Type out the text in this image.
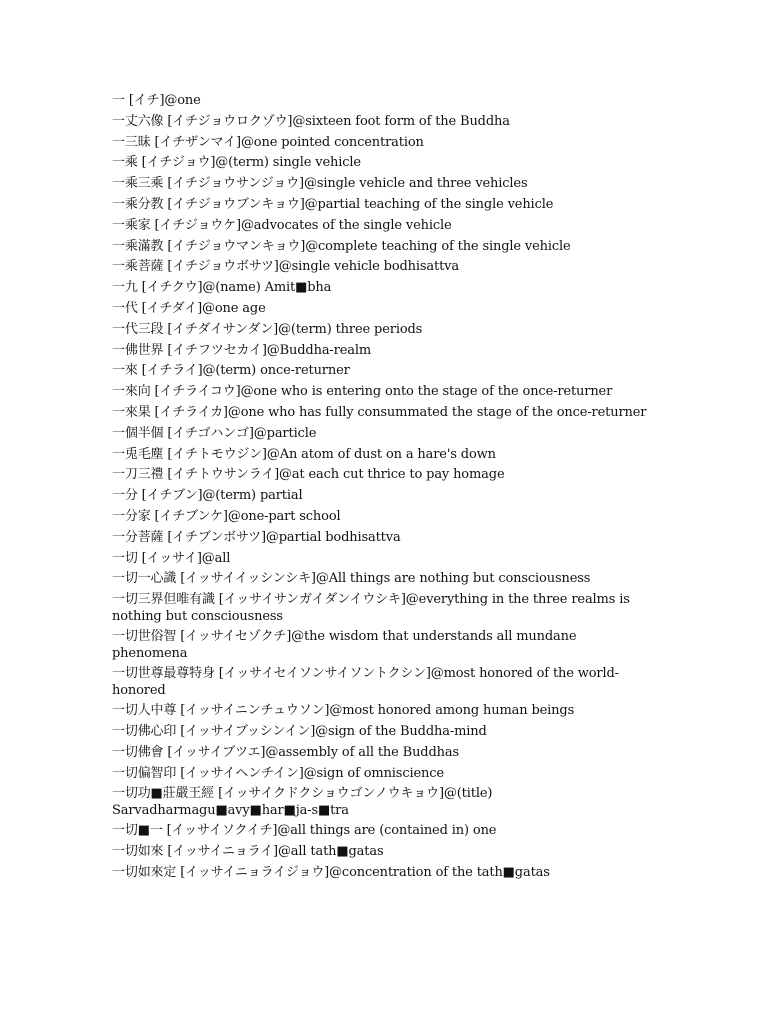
一 [イチ]@one
一丈六像 [イチジョウロクゾウ]@sixteen foot form of the Buddha
一三昧 [イチザンマイ]@one pointed concentration
一乘 [イチジョウ]@(term) single vehicle
一乘三乘 [イチジョウサンジョウ]@single vehicle and three vehicles
一乘分教 [イチジョウブンキョウ]@partial teaching of the single vehicle
一乘家 [イチジョウケ]@advocates of the single vehicle
一乘滿教 [イチジョウマンキョウ]@complete teaching of the single vehicle
一乘菩薩 [イチジョウボサツ]@single vehicle bodhisattva
一九 [イチクウ]@(name) Amit■bha
一代 [イチダイ]@one age
一代三段 [イチダイサンダン]@(term) three periods
一佛世界 [イチフツセカイ]@Buddha-realm
一來 [イチライ]@(term) once-returner
一來向 [イチライコウ]@one who is entering onto the stage of the once-returner
一來果 [イチライカ]@one who has fully consummated the stage of the once-returner
一個半個 [イチゴハンゴ]@particle
一兎毛塵 [イチトモウジン]@An atom of dust on a hare's down
一刀三禮 [イチトウサンライ]@at each cut thrice to pay homage
一分 [イチブン]@(term) partial
一分家 [イチブンケ]@one-part school
一分菩薩 [イチブンボサツ]@partial bodhisattva
一切 [イッサイ]@all
一切一心識 [イッサイイッシンシキ]@All things are nothing but consciousness
一切三界但唯有識 [イッサイサンガイダンイウシキ]@everything in the three realms is nothing but consciousness
一切世俗智 [イッサイセゾクチ]@the wisdom that understands all mundane phenomena
一切世尊最尊特身 [イッサイセイソンサイソントクシン]@most honored of the world-honored
一切人中尊 [イッサイニンチュウソン]@most honored among human beings
一切佛心印 [イッサイブッシンイン]@sign of the Buddha-mind
一切佛會 [イッサイブツエ]@assembly of all the Buddhas
一切偏智印 [イッサイヘンチイン]@sign of omniscience
一切功■莊嚴王經 [イッサイクドクショウゴンノウキョウ]@(title) Sarvadharmagu■avy■har■ja-s■tra
一切■一 [イッサイソクイチ]@all things are (contained in) one
一切如來 [イッサイニョライ]@all tath■gatas
一切如來定 [イッサイニョライジョウ]@concentration of the tath■gatas
